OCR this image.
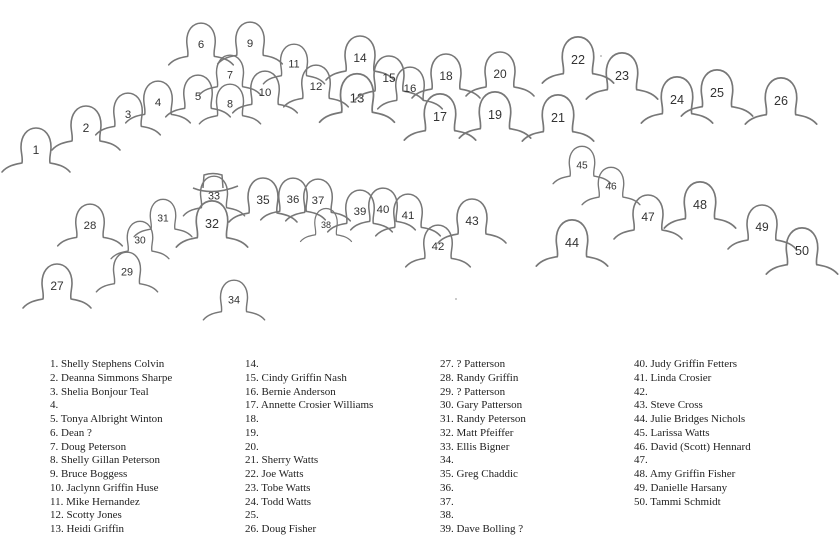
1
2
3
4	5
6
7
8
9
10
11
12
13
14
15
16
17
18
19
20
21
22
23
24 25
26
27
28
29
30
31	32
33
34
35 36 37
38
39 40 41
42
43
44
45
46
47
48
49
50
1. Shelly Stephens Colvin
2. Deanna Simmons Sharpe
3. Shelia Bonjour Teal
4.
5. Tonya Albright Winton
6. Dean ?
7. Doug Peterson
8. Shelly Gillan Peterson
9. Bruce Boggess
10. Jaclynn Griffin Huse
11. Mike Hernandez
12. Scotty Jones
13. Heidi Griffin
14.
15. Cindy Griffin Nash
16. Bernie Anderson
17. Annette Crosier Williams
18.
19.
20.
21. Sherry Watts
22. Joe Watts
23. Tobe Watts
24. Todd Watts
25.
26. Doug Fisher
27. ? Patterson
28. Randy Griffin
29. ? Patterson
30. Gary Patterson
31. Randy Peterson
32. Matt Pfeiffer
33. Ellis Bigner
34.
35. Greg Chaddic
36.
37.
38.
39. Dave Bolling ?
40. Judy Griffin Fetters
41. Linda Crosier
42.
43. Steve Cross
44. Julie Bridges Nichols
45. Larissa Watts
46. David (Scott) Hennard
47.
48. Amy Griffin Fisher
49. Danielle Harsany
50. Tammi Schmidt
